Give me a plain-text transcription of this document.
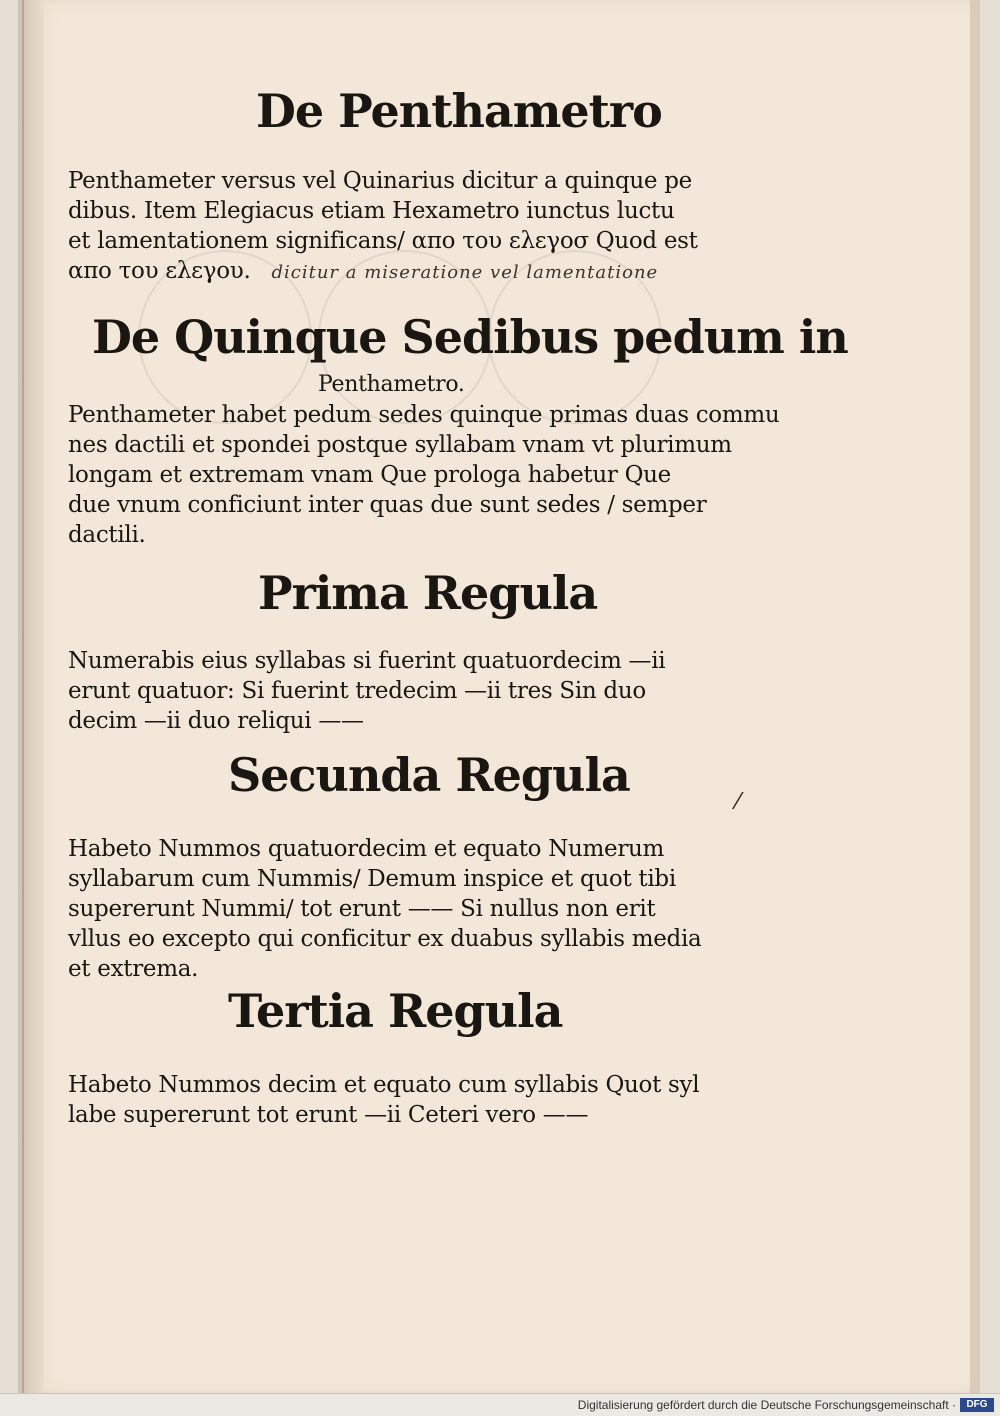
De Penthametro
Penthameter versus vel Quinarius dicitur a quinque pe
dibus. Item Elegiacus etiam Hexametro iunctus luctu
et lamentationem significans/ απο του ελεγοσ Quod est
απο του ελεγου. dicitur a miseratione vel lamentatione
De Quinque Sedibus pedum in
Penthametro.
Penthameter habet pedum sedes quinque primas duas commu
nes dactili et spondei postque syllabam vnam vt plurimum
longam et extremam vnam Que prologa habetur Que
due vnum conficiunt inter quas due sunt sedes / semper
dactili.
Prima Regula
Numerabis eius syllabas si fuerint quatuordecim —ii
erunt quatuor: Si fuerint tredecim —ii tres Sin duo
decim —ii duo reliqui ——
Secunda Regula
⁄
Habeto Nummos quatuordecim et equato Numerum
syllabarum cum Nummis/ Demum inspice et quot tibi
supererunt Nummi/ tot erunt —— Si nullus non erit
vllus eo excepto qui conficitur ex duabus syllabis media
et extrema.
Tertia Regula
Habeto Nummos decim et equato cum syllabis Quot syl
labe supererunt tot erunt —ii Ceteri vero ——
Digitalisierung gefördert durch die Deutsche Forschungsgemeinschaft ·	DFG
